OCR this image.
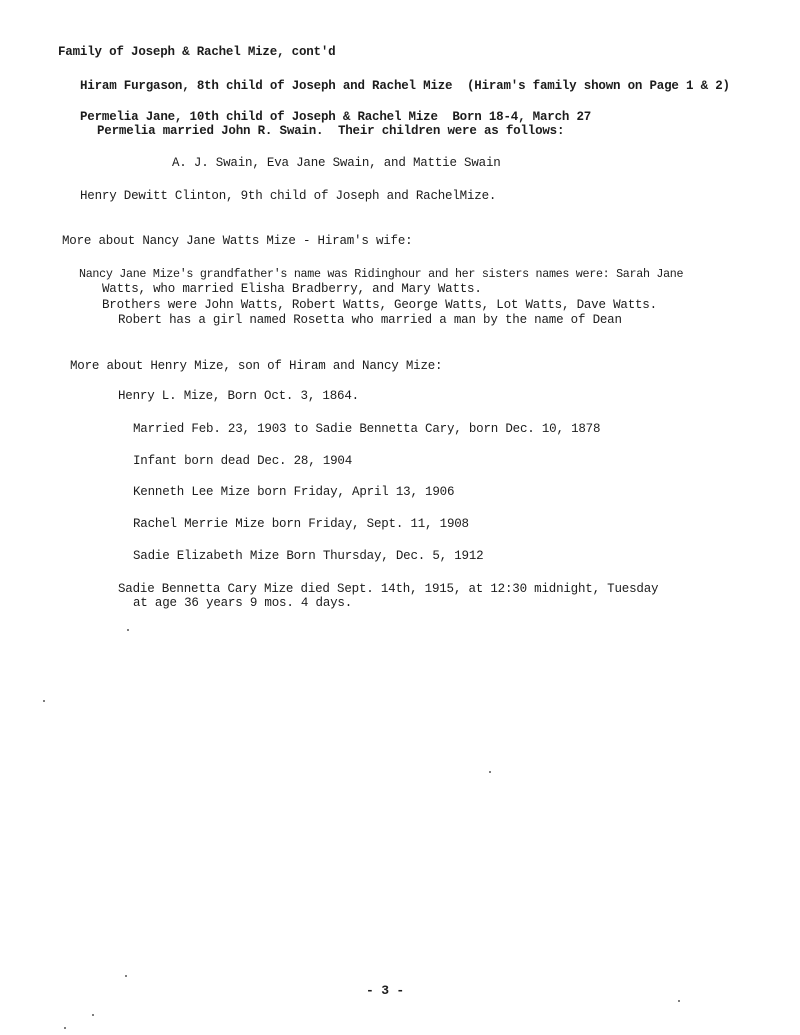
Family of Joseph & Rachel Mize, cont'd
Hiram Furgason, 8th child of Joseph and Rachel Mize  (Hiram's family shown on Page 1 & 2)
Permelia Jane, 10th child of Joseph & Rachel Mize  Born 18-4, March 27
Permelia married John R. Swain.  Their children were as follows:
A. J. Swain, Eva Jane Swain, and Mattie Swain
Henry Dewitt Clinton, 9th child of Joseph and RachelMize.
More about Nancy Jane Watts Mize - Hiram's wife:
Nancy Jane Mize's grandfather's name was Ridinghour and her sisters names were: Sarah Jane
Watts, who married Elisha Bradberry, and Mary Watts.
Brothers were John Watts, Robert Watts, George Watts, Lot Watts, Dave Watts.
Robert has a girl named Rosetta who married a man by the name of Dean
More about Henry Mize, son of Hiram and Nancy Mize:
Henry L. Mize, Born Oct. 3, 1864.
Married Feb. 23, 1903 to Sadie Bennetta Cary, born Dec. 10, 1878
Infant born dead Dec. 28, 1904
Kenneth Lee Mize born Friday, April 13, 1906
Rachel Merrie Mize born Friday, Sept. 11, 1908
Sadie Elizabeth Mize Born Thursday, Dec. 5, 1912
Sadie Bennetta Cary Mize died Sept. 14th, 1915, at 12:30 midnight, Tuesday
at age 36 years 9 mos. 4 days.
- 3 -
